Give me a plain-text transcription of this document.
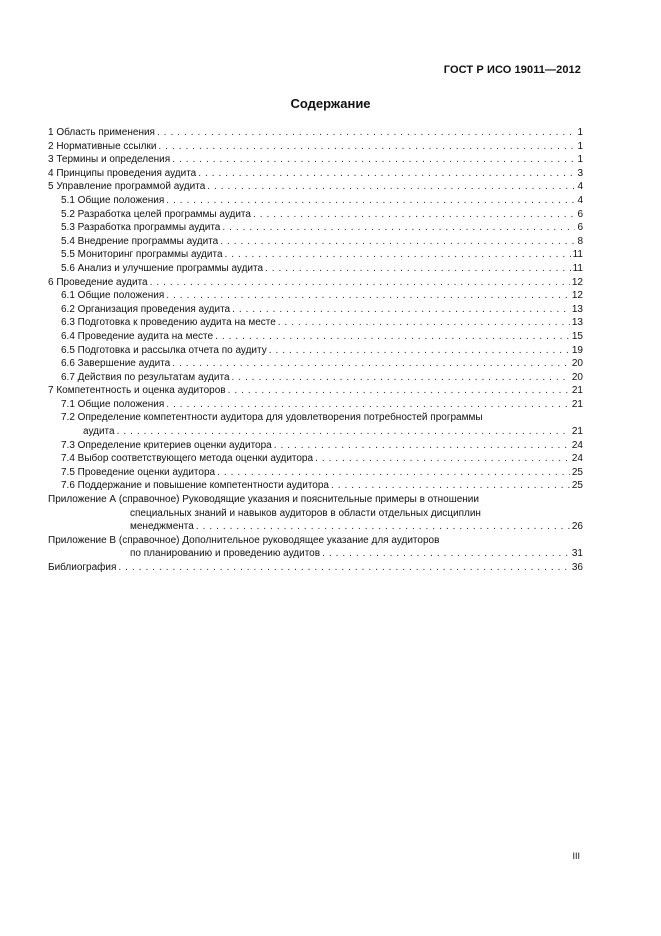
ГОСТ Р ИСО 19011—2012
Содержание
1 Область применения . . .	1
2 Нормативные ссылки . . .	1
3 Термины и определения . . .	1
4 Принципы проведения аудита . . .	3
5 Управление программой аудита . . .	4
5.1 Общие положения . . .	4
5.2 Разработка целей программы аудита . . .	6
5.3 Разработка программы аудита . . .	6
5.4 Внедрение программы аудита . . .	8
5.5 Мониторинг программы аудита . . .	11
5.6 Анализ и улучшение программы аудита . . .	11
6 Проведение аудита . . .	12
6.1 Общие положения . . .	12
6.2 Организация проведения аудита . . .	13
6.3 Подготовка к проведению аудита на месте . . .	13
6.4 Проведение аудита на месте . . .	15
6.5 Подготовка и рассылка отчета по аудиту . . .	19
6.6 Завершение аудита . . .	20
6.7 Действия по результатам аудита . . .	20
7 Компетентность и оценка аудиторов . . .	21
7.1 Общие положения . . .	21
7.2 Определение компетентности аудитора для удовлетворения потребностей программы
аудита . . .	21
7.3 Определение критериев оценки аудитора . . .	24
7.4 Выбор соответствующего метода оценки аудитора . . .	24
7.5 Проведение оценки аудитора . . .	25
7.6 Поддержание и повышение компетентности аудитора . . .	25
Приложение А (справочное) Руководящие указания и пояснительные примеры в отношении
специальных знаний и навыков аудиторов в области отдельных дисциплин
менеджмента . . .	26
Приложение В (справочное) Дополнительное руководящее указание для аудиторов
по планированию и проведению аудитов . . .	31
Библиография . . .	36
III
